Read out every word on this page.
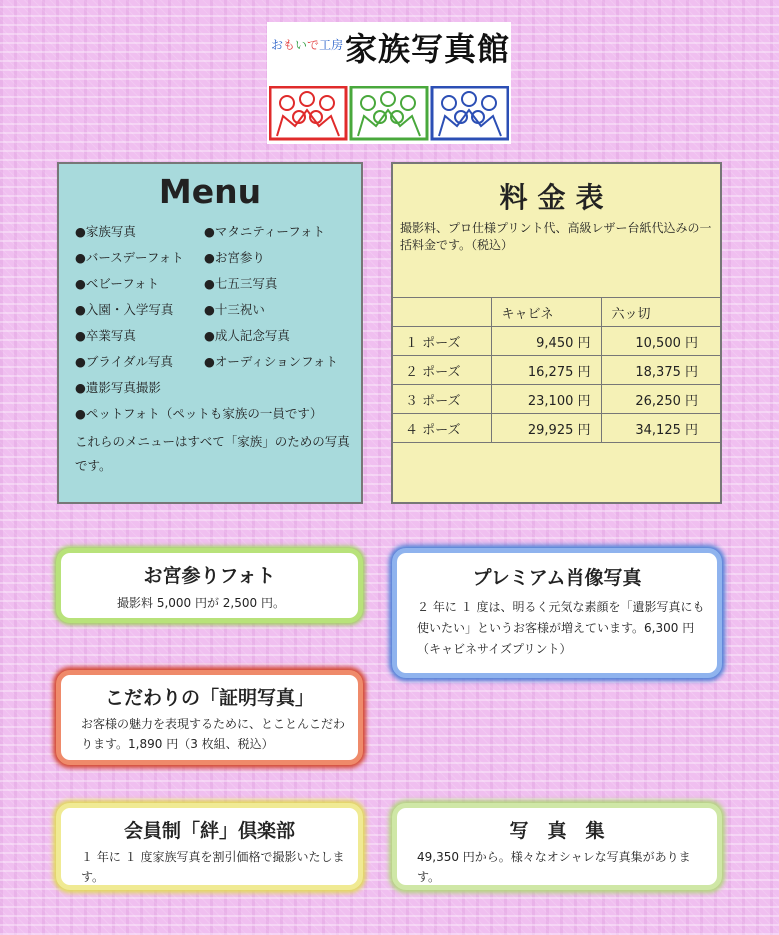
おもいで工房 家族写真館
Menu
●家族写真
●バースデーフォト
●ベビーフォト
●入園・入学写真
●卒業写真
●ブライダル写真
●遺影写真撮影
●ペットフォト（ペットも家族の一員です）
●マタニティーフォト
●お宮参り
●七五三写真
●十三祝い
●成人記念写真
●オーディションフォト
これらのメニューはすべて「家族」のための写真です。
料金表
撮影料、プロ仕様プリント代、高級レザー台紙代込みの一括料金です。（税込）
	キャビネ	六ッ切
１ ポーズ	9,450 円	10,500 円
２ ポーズ	16,275 円	18,375 円
３ ポーズ	23,100 円	26,250 円
４ ポーズ	29,925 円	34,125 円
お宮参りフォト
撮影料 5,000 円が 2,500 円。
プレミアム肖像写真
２ 年に １ 度は、明るく元気な素顔を「遺影写真にも使いたい」というお客様が増えています。6,300 円（キャビネサイズプリント）
こだわりの「証明写真」
お客様の魅力を表現するために、とことんこだわります。1,890 円（3 枚組、税込）
会員制「絆」倶楽部
１ 年に １ 度家族写真を割引価格で撮影いたします。
写　真　集
49,350 円から。様々なオシャレな写真集があります。
